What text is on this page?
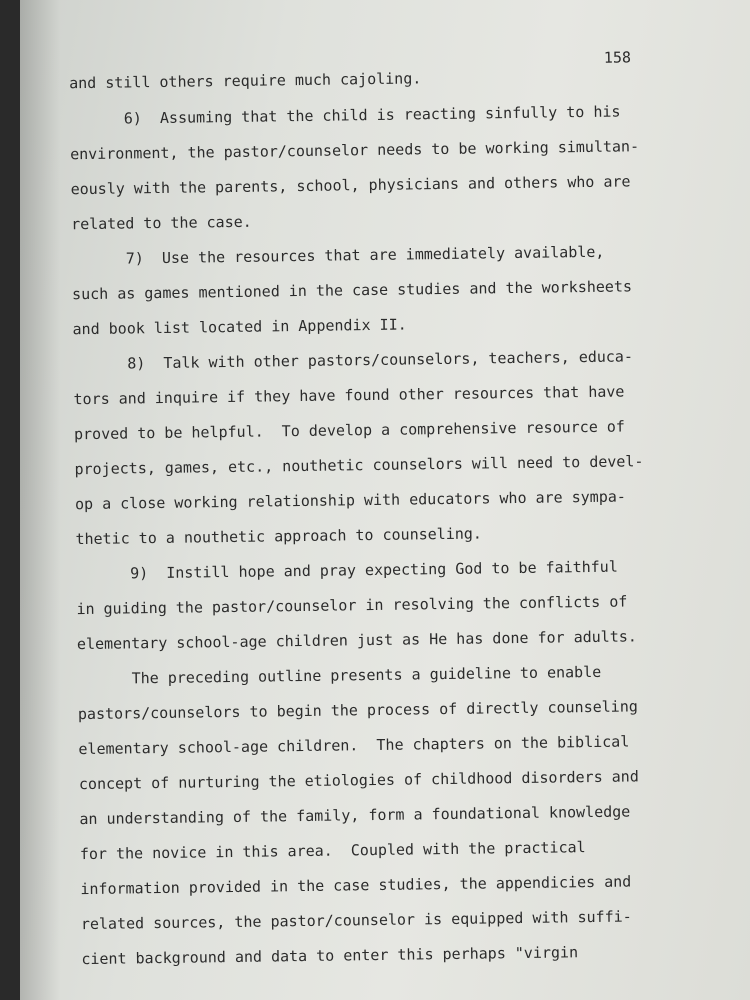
158
and still others require much cajoling.
6)  Assuming that the child is reacting sinfully to his
environment, the pastor/counselor needs to be working simultan-
eously with the parents, school, physicians and others who are
related to the case.
7)  Use the resources that are immediately available,
such as games mentioned in the case studies and the worksheets
and book list located in Appendix II.
8)  Talk with other pastors/counselors, teachers, educa-
tors and inquire if they have found other resources that have
proved to be helpful.  To develop a comprehensive resource of
projects, games, etc., nouthetic counselors will need to devel-
op a close working relationship with educators who are sympa-
thetic to a nouthetic approach to counseling.
9)  Instill hope and pray expecting God to be faithful
in guiding the pastor/counselor in resolving the conflicts of
elementary school-age children just as He has done for adults.
The preceding outline presents a guideline to enable
pastors/counselors to begin the process of directly counseling
elementary school-age children.  The chapters on the biblical
concept of nurturing the etiologies of childhood disorders and
an understanding of the family, form a foundational knowledge
for the novice in this area.  Coupled with the practical
information provided in the case studies, the appendicies and
related sources, the pastor/counselor is equipped with suffi-
cient background and data to enter this perhaps "virgin
